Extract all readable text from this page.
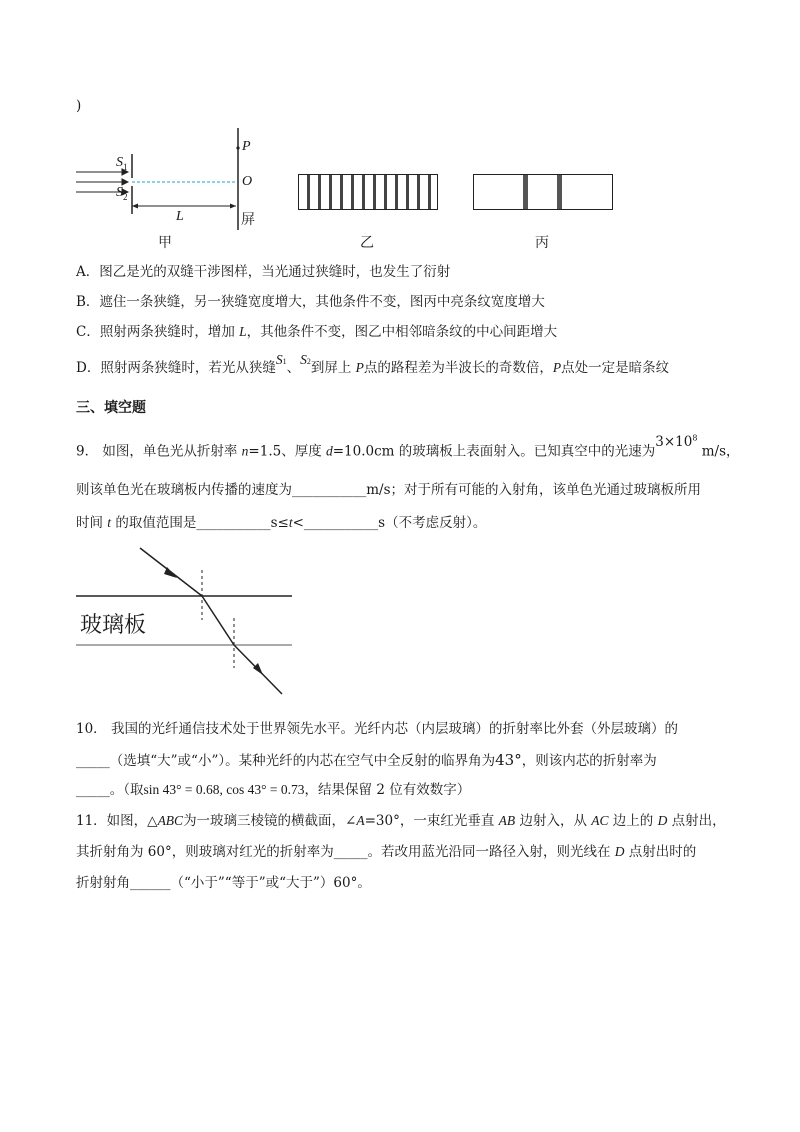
)
$S_1$
$S_2$
P
O
L	屏
甲	乙	丙
A．图乙是光的双缝干涉图样，当光通过狭缝时，也发生了衍射
B．遮住一条狭缝，另一狭缝宽度增大，其他条件不变，图丙中亮条纹宽度增大
C．照射两条狭缝时，增加 L，其他条件不变，图乙中相邻暗条纹的中心间距增大
D．照射两条狭缝时，若光从狭缝S1、S2到屏上 P点的路程差为半波长的奇数倍，P点处一定是暗条纹
三、填空题
9． 如图，单色光从折射率 n=1.5、厚度 d=10.0cm 的玻璃板上表面射入。已知真空中的光速为$3\times 10^8$ m/s，
则该单色光在玻璃板内传播的速度为___________m/s；对于所有可能的入射角，该单色光通过玻璃板所用
时间 t 的取值范围是___________s≤t<___________s（不考虑反射）。
玻璃板
10． 我国的光纤通信技术处于世界领先水平。光纤内芯（内层玻璃）的折射率比外套（外层玻璃）的
_____（选填“大”或“小”）。某种光纤的内芯在空气中全反射的临界角为43°，则该内芯的折射率为
_____。（取sin 43° = 0.68, cos 43° = 0.73，结果保留 2 位有效数字）
11．如图，△ABC为一玻璃三棱镜的横截面，∠A=30°，一束红光垂直 AB 边射入，从 AC 边上的 D 点射出，
其折射角为 60°，则玻璃对红光的折射率为_____。若改用蓝光沿同一路径入射，则光线在 D 点射出时的
折射射角______（“小于”“等于”或“大于”）60°。
